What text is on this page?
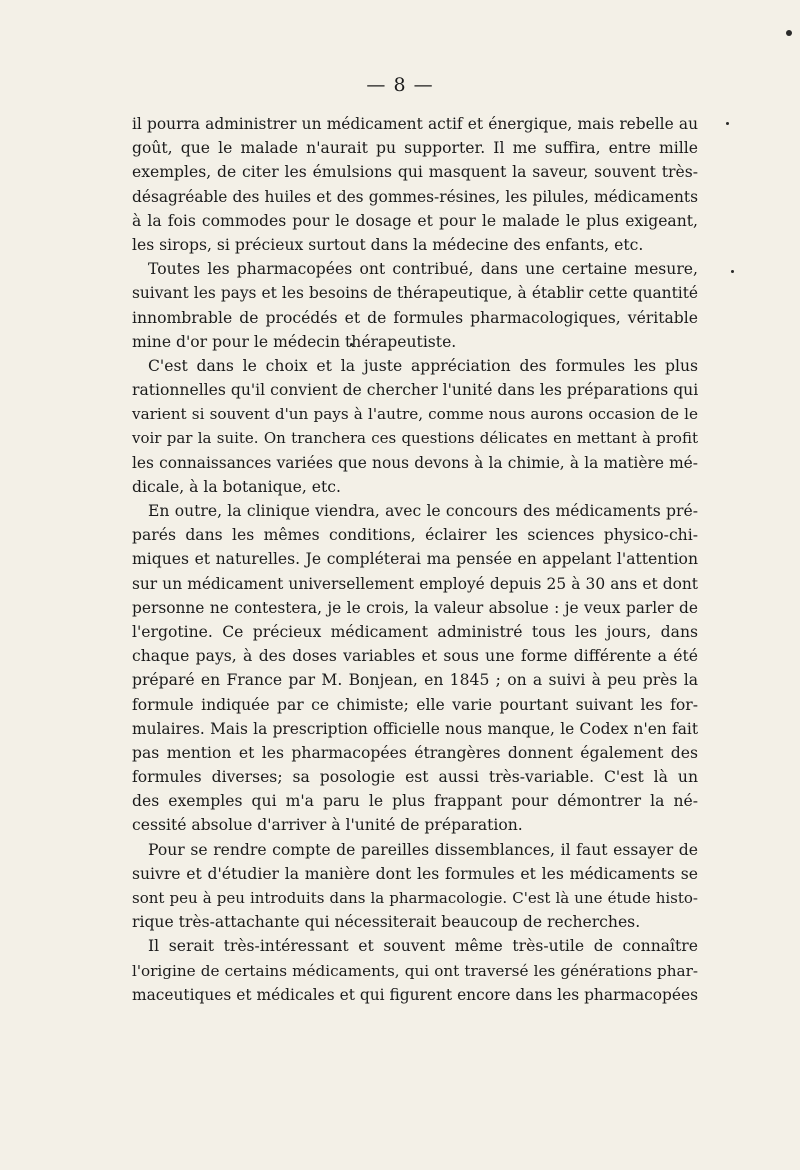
— 8 —
il pourra administrer un médicament actif et énergique, mais rebelle au
goût, que le malade n'aurait pu supporter. Il me suffira, entre mille
exemples, de citer les émulsions qui masquent la saveur, souvent très-
désagréable des huiles et des gommes-résines, les pilules, médicaments
à la fois commodes pour le dosage et pour le malade le plus exigeant,
les sirops, si précieux surtout dans la médecine des enfants, etc.
Toutes les pharmacopées ont contribué, dans une certaine mesure,
suivant les pays et les besoins de thérapeutique, à établir cette quantité
innombrable de procédés et de formules pharmacologiques, véritable
mine d'or pour le médecin thérapeutiste.
C'est dans le choix et la juste appréciation des formules les plus
rationnelles qu'il convient de chercher l'unité dans les préparations qui
varient si souvent d'un pays à l'autre, comme nous aurons occasion de le
voir par la suite. On tranchera ces questions délicates en mettant à profit
les connaissances variées que nous devons à la chimie, à la matière mé-
dicale, à la botanique, etc.
En outre, la clinique viendra, avec le concours des médicaments pré-
parés dans les mêmes conditions, éclairer les sciences physico-chi-
miques et naturelles. Je compléterai ma pensée en appelant l'attention
sur un médicament universellement employé depuis 25 à 30 ans et dont
personne ne contestera, je le crois, la valeur absolue : je veux parler de
l'ergotine. Ce précieux médicament administré tous les jours, dans
chaque pays, à des doses variables et sous une forme différente a été
préparé en France par M. Bonjean, en 1845 ; on a suivi à peu près la
formule indiquée par ce chimiste; elle varie pourtant suivant les for-
mulaires. Mais la prescription officielle nous manque, le Codex n'en fait
pas mention et les pharmacopées étrangères donnent également des
formules diverses; sa posologie est aussi très-variable. C'est là un
des exemples qui m'a paru le plus frappant pour démontrer la né-
cessité absolue d'arriver à l'unité de préparation.
Pour se rendre compte de pareilles dissemblances, il faut essayer de
suivre et d'étudier la manière dont les formules et les médicaments se
sont peu à peu introduits dans la pharmacologie. C'est là une étude histo-
rique très-attachante qui nécessiterait beaucoup de recherches.
Il serait très-intéressant et souvent même très-utile de connaître
l'origine de certains médicaments, qui ont traversé les générations phar-
maceutiques et médicales et qui figurent encore dans les pharmacopées
